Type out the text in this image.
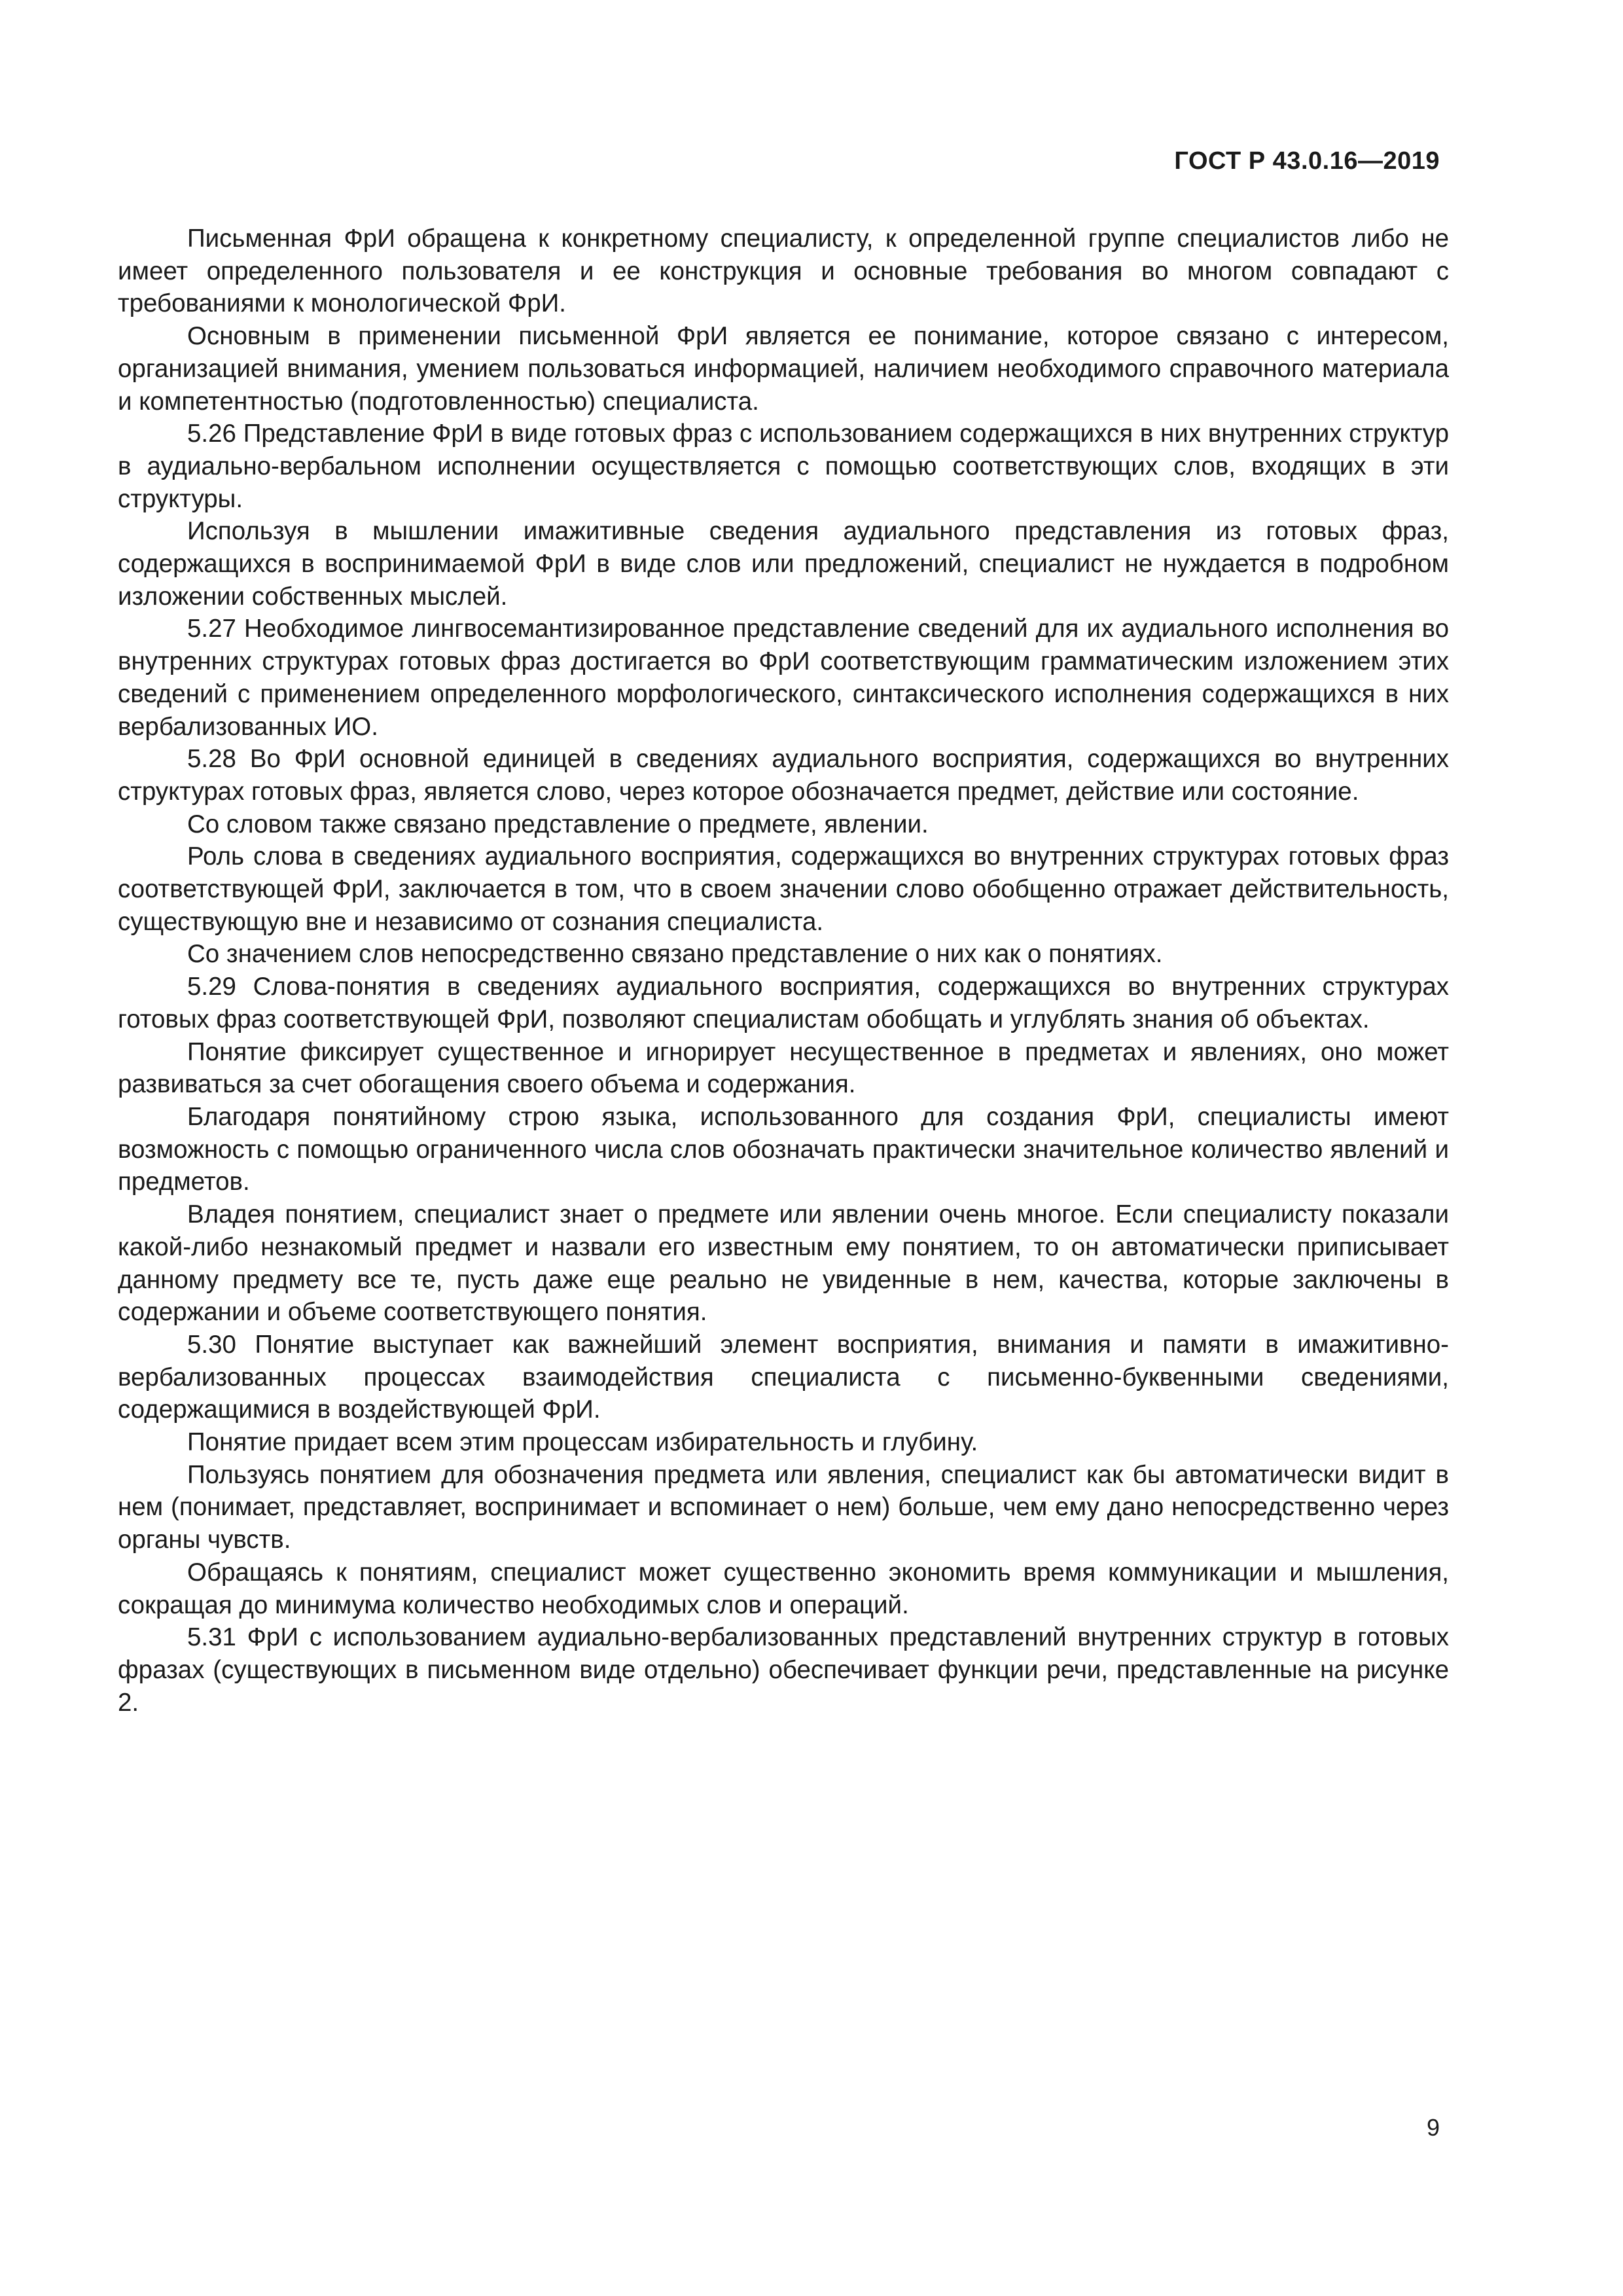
ГОСТ Р 43.0.16—2019

Письменная ФрИ обращена к конкретному специалисту, к определенной группе специалистов либо не имеет определенного пользователя и ее конструкция и основные требования во многом совпадают с требованиями к монологической ФрИ.

Основным в применении письменной ФрИ является ее понимание, которое связано с интересом, организацией внимания, умением пользоваться информацией, наличием необходимого справочного материала и компетентностью (подготовленностью) специалиста.

5.26 Представление ФрИ в виде готовых фраз с использованием содержащихся в них внутренних структур в аудиально-вербальном исполнении осуществляется с помощью соответствующих слов, входящих в эти структуры.

Используя в мышлении имажитивные сведения аудиального представления из готовых фраз, содержащихся в воспринимаемой ФрИ в виде слов или предложений, специалист не нуждается в подробном изложении собственных мыслей.

5.27 Необходимое лингвосемантизированное представление сведений для их аудиального исполнения во внутренних структурах готовых фраз достигается во ФрИ соответствующим грамматическим изложением этих сведений с применением определенного морфологического, синтаксического исполнения содержащихся в них вербализованных ИО.

5.28 Во ФрИ основной единицей в сведениях аудиального восприятия, содержащихся во внутренних структурах готовых фраз, является слово, через которое обозначается предмет, действие или состояние.

Со словом также связано представление о предмете, явлении.

Роль слова в сведениях аудиального восприятия, содержащихся во внутренних структурах готовых фраз соответствующей ФрИ, заключается в том, что в своем значении слово обобщенно отражает действительность, существующую вне и независимо от сознания специалиста.

Со значением слов непосредственно связано представление о них как о понятиях.

5.29 Слова-понятия в сведениях аудиального восприятия, содержащихся во внутренних структурах готовых фраз соответствующей ФрИ, позволяют специалистам обобщать и углублять знания об объектах.

Понятие фиксирует существенное и игнорирует несущественное в предметах и явлениях, оно может развиваться за счет обогащения своего объема и содержания.

Благодаря понятийному строю языка, использованного для создания ФрИ, специалисты имеют возможность с помощью ограниченного числа слов обозначать практически значительное количество явлений и предметов.

Владея понятием, специалист знает о предмете или явлении очень многое. Если специалисту показали какой-либо незнакомый предмет и назвали его известным ему понятием, то он автоматически приписывает данному предмету все те, пусть даже еще реально не увиденные в нем, качества, которые заключены в содержании и объеме соответствующего понятия.

5.30 Понятие выступает как важнейший элемент восприятия, внимания и памяти в имажитивно-вербализованных процессах взаимодействия специалиста с письменно-буквенными сведениями, содержащимися в воздействующей ФрИ.

Понятие придает всем этим процессам избирательность и глубину.

Пользуясь понятием для обозначения предмета или явления, специалист как бы автоматически видит в нем (понимает, представляет, воспринимает и вспоминает о нем) больше, чем ему дано непосредственно через органы чувств.

Обращаясь к понятиям, специалист может существенно экономить время коммуникации и мышления, сокращая до минимума количество необходимых слов и операций.

5.31 ФрИ с использованием аудиально-вербализованных представлений внутренних структур в готовых фразах (существующих в письменном виде отдельно) обеспечивает функции речи, представленные на рисунке 2.

9
